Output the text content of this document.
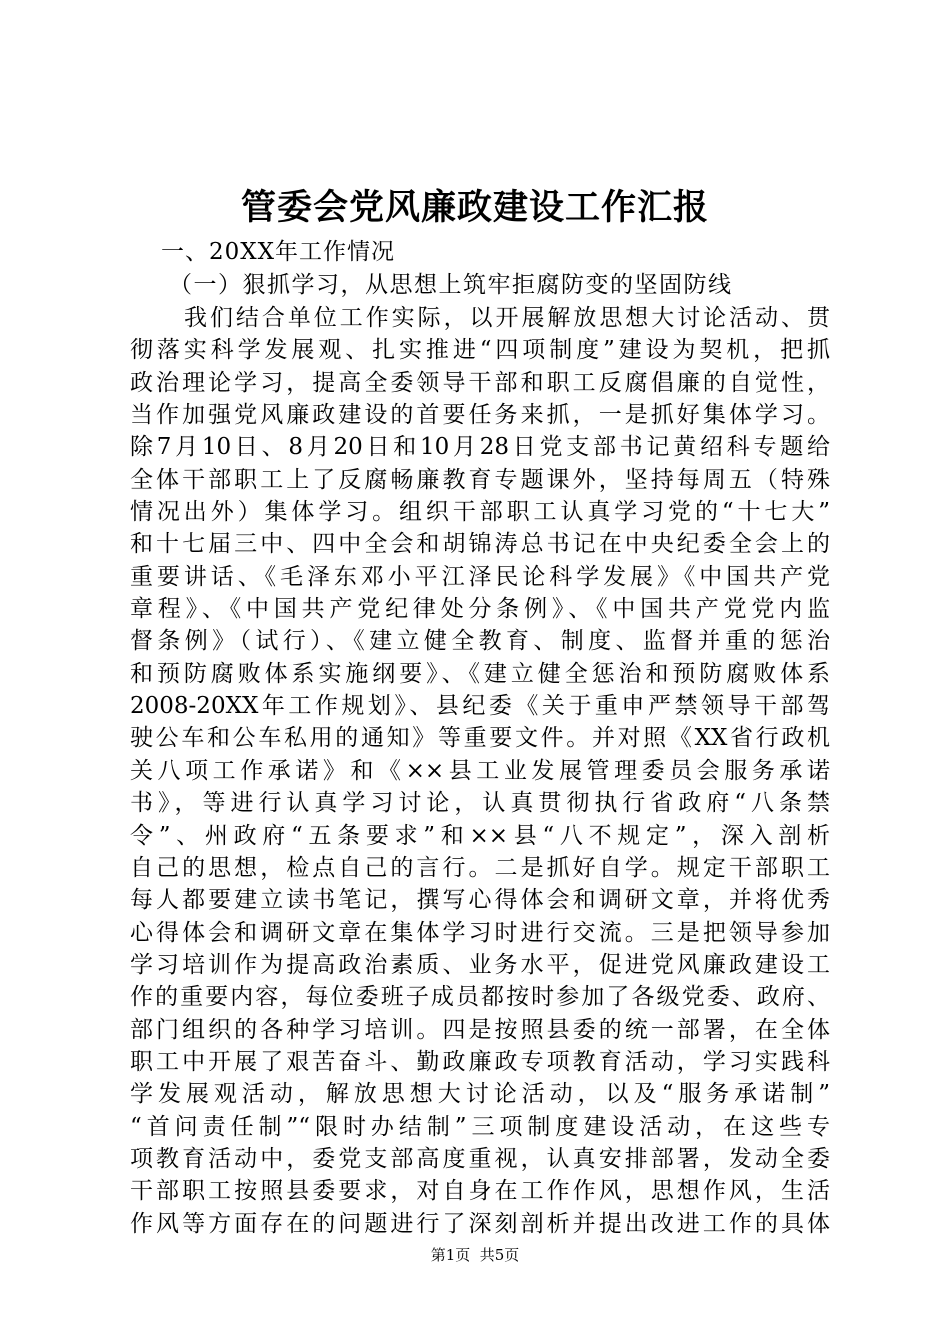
管委会党风廉政建设工作汇报
一、20XX年工作情况
（一）狠抓学习，从思想上筑牢拒腐防变的坚固防线
我们结合单位工作实际，以开展解放思想大讨论活动、贯
彻落实科学发展观、扎实推进“四项制度”建设为契机，把抓
政治理论学习，提高全委领导干部和职工反腐倡廉的自觉性，
当作加强党风廉政建设的首要任务来抓，一是抓好集体学习。
除7月10日、8月20日和10月28日党支部书记黄绍科专题给
全体干部职工上了反腐畅廉教育专题课外，坚持每周五（特殊
情况出外）集体学习。组织干部职工认真学习党的“十七大”
和十七届三中、四中全会和胡锦涛总书记在中央纪委全会上的
重要讲话、《毛泽东邓小平江泽民论科学发展》《中国共产党
章程》、《中国共产党纪律处分条例》、《中国共产党党内监
督条例》（试行）、《建立健全教育、制度、监督并重的惩治
和预防腐败体系实施纲要》、《建立健全惩治和预防腐败体系
2008-20XX年工作规划》、县纪委《关于重申严禁领导干部驾
驶公车和公车私用的通知》等重要文件。并对照《XX省行政机
关八项工作承诺》和《××县工业发展管理委员会服务承诺
书》，等进行认真学习讨论，认真贯彻执行省政府“八条禁
令”、州政府“五条要求”和××县“八不规定”，深入剖析
自己的思想，检点自己的言行。二是抓好自学。规定干部职工
每人都要建立读书笔记，撰写心得体会和调研文章，并将优秀
心得体会和调研文章在集体学习时进行交流。三是把领导参加
学习培训作为提高政治素质、业务水平，促进党风廉政建设工
作的重要内容，每位委班子成员都按时参加了各级党委、政府、
部门组织的各种学习培训。四是按照县委的统一部署，在全体
职工中开展了艰苦奋斗、勤政廉政专项教育活动，学习实践科
学发展观活动，解放思想大讨论活动，以及“服务承诺制”
“首问责任制”“限时办结制”三项制度建设活动，在这些专
项教育活动中，委党支部高度重视，认真安排部署，发动全委
干部职工按照县委要求，对自身在工作作风，思想作风，生活
作风等方面存在的问题进行了深刻剖析并提出改进工作的具体
第1页  共5页
